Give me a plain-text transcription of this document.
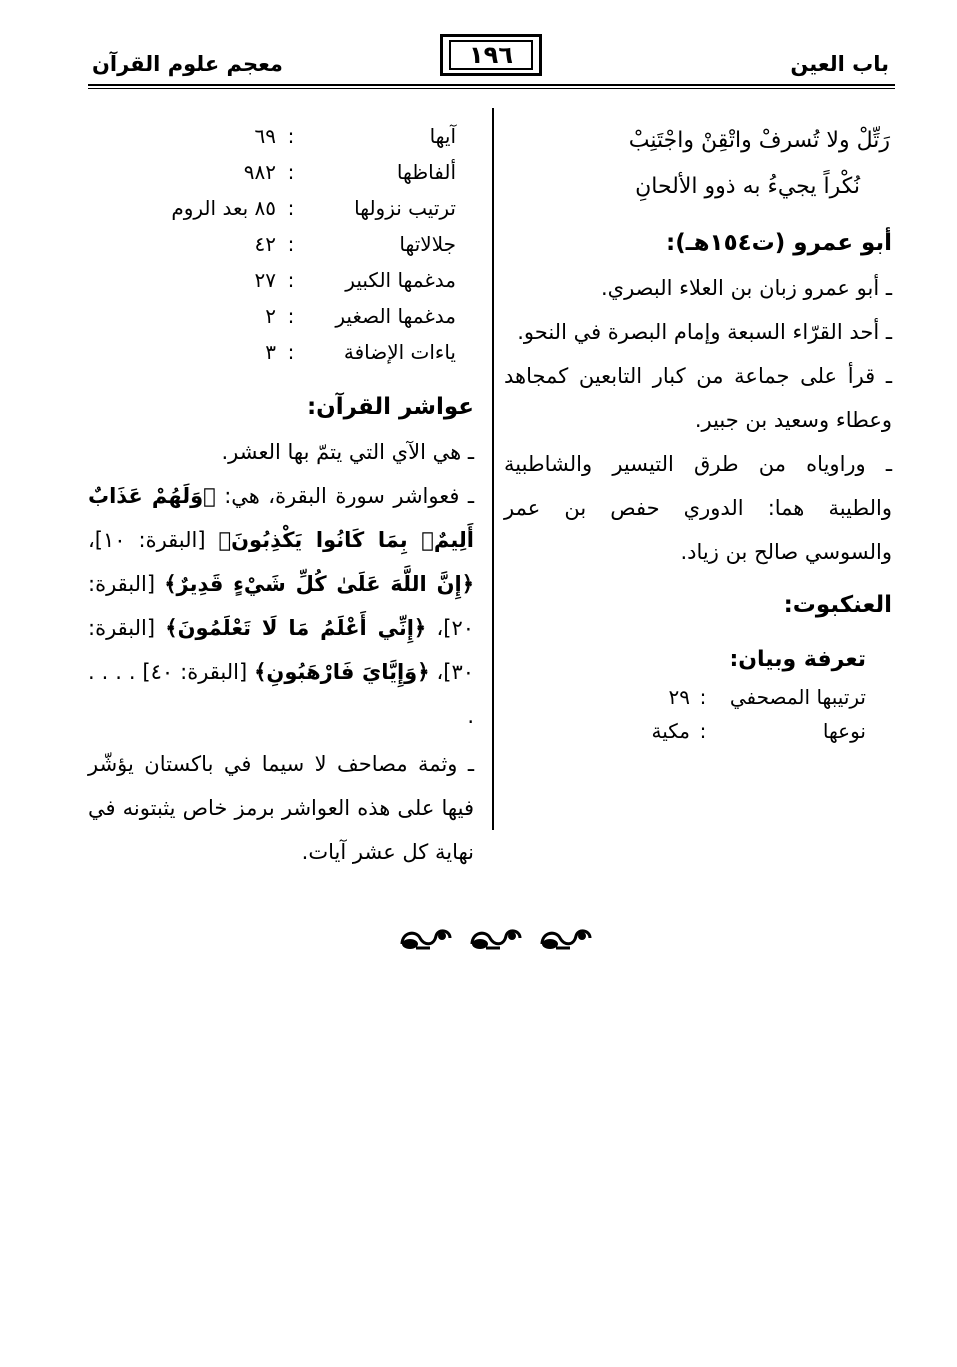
باب العين
١٩٦
معجم علوم القرآن
رَتِّلْ ولا تُسرفْ واتْقِنْ واجْتَنِبْ
نُكْراً يجيءُ به ذوو الألحانِ
أبو عمرو (ت١٥٤هـ):

ـ أبو عمرو زبان بن العلاء البصري.

ـ أحد القرّاء السبعة وإمام البصرة في النحو.

ـ قرأ على جماعة من كبار التابعين كمجاهد وعطاء وسعيد بن جبير.

ـ وراوياه من طرق التيسير والشاطبية والطيبة هما: الدوري حفص بن عمر والسوسي صالح بن زياد.

العنكبوت:
تعرفة وبيان:
ترتيبها المصحفي:٢٩
نوعها:مكية
آيها	:	٦٩
ألفاظها	:	٩٨٢
ترتيب نزولها	:	٨٥ بعد الروم
جلالاتها	:	٤٢
مدغمها الكبير	:	٢٧
مدغمها الصغير	:	٢
ياءات الإضافة	:	٣
عواشر القرآن:

ـ هي الآي التي يتمّ بها العشر.

ـ فعواشر سورة البقرة، هي: ﴿وَلَهُمْ عَذَابٌ أَلِيمٌۢ بِمَا كَانُوا يَكْذِبُونَ﴾ [البقرة: ١٠]، ﴿إِنَّ اللَّهَ عَلَىٰ كُلِّ شَيْءٍ قَدِيرٌ﴾ [البقرة: ٢٠]، ﴿إِنِّي أَعْلَمُ مَا لَا تَعْلَمُونَ﴾ [البقرة: ٣٠]، ﴿وَإِيَّايَ فَارْهَبُونِ﴾ [البقرة: ٤٠] . . . . .

ـ وثمة مصاحف لا سيما في باكستان يؤشّر فيها على هذه العواشر برمز خاص يثبتونه في نهاية كل عشر آيات.
